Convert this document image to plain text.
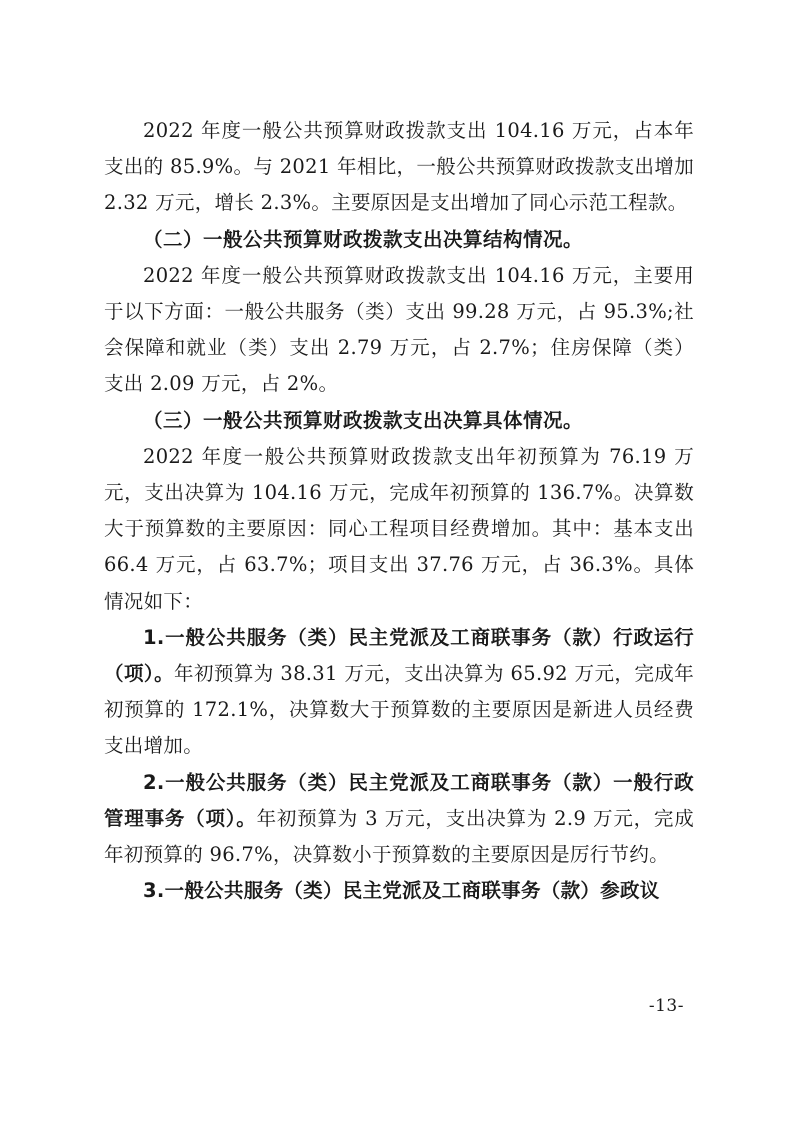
2022 年度一般公共预算财政拨款支出 104.16 万元，占本年支出的 85.9%。与 2021 年相比，一般公共预算财政拨款支出增加 2.32 万元，增长 2.3%。主要原因是支出增加了同心示范工程款。

（二）一般公共预算财政拨款支出决算结构情况。

2022 年度一般公共预算财政拨款支出 104.16 万元，主要用于以下方面：一般公共服务（类）支出 99.28 万元，占 95.3%;社会保障和就业（类）支出 2.79 万元，占 2.7%；住房保障（类）支出 2.09 万元，占 2%。

（三）一般公共预算财政拨款支出决算具体情况。

2022 年度一般公共预算财政拨款支出年初预算为 76.19 万元，支出决算为 104.16 万元，完成年初预算的 136.7%。决算数大于预算数的主要原因：同心工程项目经费增加。其中：基本支出 66.4 万元，占 63.7%；项目支出 37.76 万元，占 36.3%。具体情况如下：

1.一般公共服务（类）民主党派及工商联事务（款）行政运行（项）。年初预算为 38.31 万元，支出决算为 65.92 万元，完成年初预算的 172.1%，决算数大于预算数的主要原因是新进人员经费支出增加。

2.一般公共服务（类）民主党派及工商联事务（款）一般行政管理事务（项）。年初预算为 3 万元，支出决算为 2.9 万元，完成年初预算的 96.7%，决算数小于预算数的主要原因是厉行节约。

3.一般公共服务（类）民主党派及工商联事务（款）参政议

-13-
